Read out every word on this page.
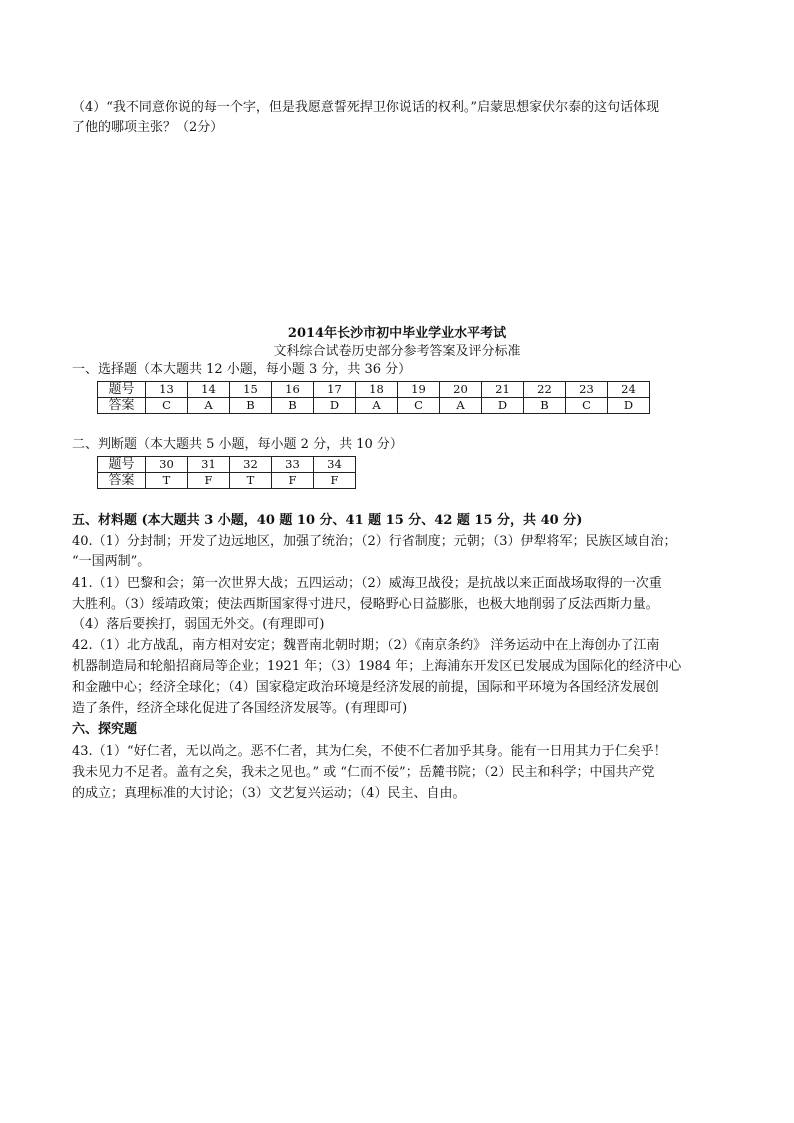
（4）“我不同意你说的每一个字，但是我愿意誓死捍卫你说话的权利。”启蒙思想家伏尔泰的这句话体现
了他的哪项主张？（2分）
2014年长沙市初中毕业学业水平考试
文科综合试卷历史部分参考答案及评分标准
一、选择题（本大题共 12 小题，每小题 3 分，共 36 分）
题号	13	14	15	16	17	18	19	20	21	22	23	24
答案	C	A	B	B	D	A	C	A	D	B	C	D
二、判断题（本大题共 5 小题，每小题 2 分，共 10 分）
题号	30	31	32	33	34
答案	T	F	T	F	F
五、材料题 (本大题共 3 小题，40 题 10 分、41 题 15 分、42 题 15 分，共 40 分)
40.（1）分封制；开发了边远地区，加强了统治；（2）行省制度；元朝；（3）伊犁将军；民族区域自治；
“一国两制”。
41.（1）巴黎和会；第一次世界大战；五四运动；（2）威海卫战役；是抗战以来正面战场取得的一次重
大胜利。（3）绥靖政策；使法西斯国家得寸进尺，侵略野心日益膨胀，也极大地削弱了反法西斯力量。
（4）落后要挨打，弱国无外交。(有理即可)
42.（1）北方战乱，南方相对安定；魏晋南北朝时期；（2）《南京条约》 洋务运动中在上海创办了江南
机器制造局和轮船招商局等企业；1921 年；（3）1984 年；上海浦东开发区已发展成为国际化的经济中心
和金融中心；经济全球化；（4）国家稳定政治环境是经济发展的前提，国际和平环境为各国经济发展创
造了条件，经济全球化促进了各国经济发展等。(有理即可)
六、探究题
43.（1）“好仁者，无以尚之。恶不仁者，其为仁矣，不使不仁者加乎其身。能有一日用其力于仁矣乎！
我未见力不足者。盖有之矣，我未之见也。” 或 “仁而不佞”；岳麓书院；（2）民主和科学；中国共产党
的成立；真理标准的大讨论；（3）文艺复兴运动；（4）民主、自由。
